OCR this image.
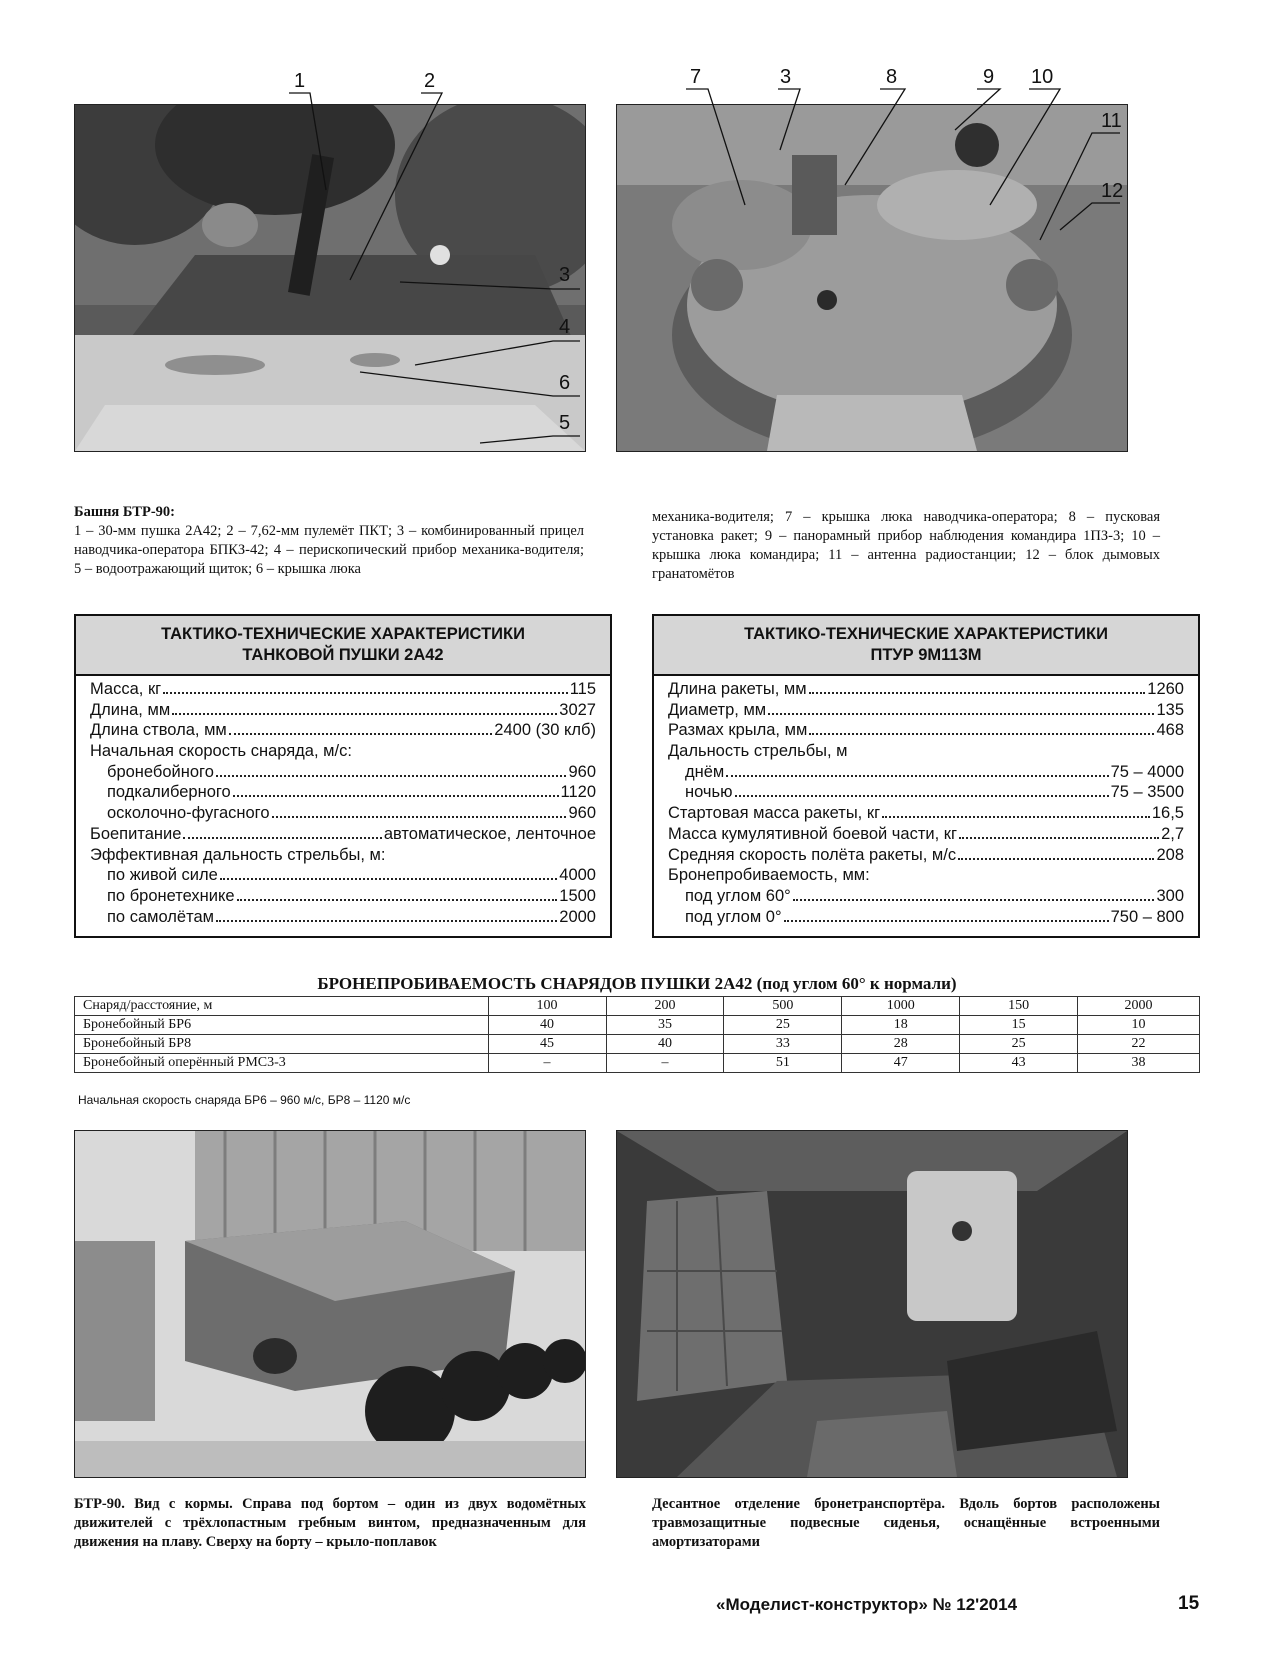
1	2
3
4
6
5
7	3	8	9 10
11
12
Башня БТР-90:
1 – 30-мм пушка 2А42; 2 – 7,62-мм пулемёт ПКТ; 3 – комбинированный прицел наводчика-оператора БПКЗ-42; 4 – перископический прибор механика-водителя; 5 – водоотражающий щиток; 6 – крышка люка
механика-водителя; 7 – крышка люка наводчика-оператора; 8 – пусковая установка ракет; 9 – панорамный прибор наблюдения командира 1ПЗ-3; 10 – крышка люка командира; 11 – антенна радиостанции; 12 – блок дымовых гранатомётов
ТАКТИКО-ТЕХНИЧЕСКИЕ ХАРАКТЕРИСТИКИ
ТАНКОВОЙ ПУШКИ 2А42
Масса, кг	115
Длина, мм	3027
Длина ствола, мм	2400 (30 клб)
Начальная скорость снаряда, м/с:
бронебойного	960
подкалиберного	1120
осколочно-фугасного	960
Боепитание	автоматическое, ленточное
Эффективная дальность стрельбы, м:
по живой силе	4000
по бронетехнике	1500
по самолётам	2000
ТАКТИКО-ТЕХНИЧЕСКИЕ ХАРАКТЕРИСТИКИ
ПТУР 9М113М
Длина ракеты, мм	1260
Диаметр, мм	135
Размах крыла, мм	468
Дальность стрельбы, м
днём	75 – 4000
ночью	75 – 3500
Стартовая масса ракеты, кг	16,5
Масса кумулятивной боевой части, кг	2,7
Средняя скорость полёта ракеты, м/с	208
Бронепробиваемость, мм:
под углом 60°	300
под углом 0°	750 – 800
БРОНЕПРОБИВАЕМОСТЬ СНАРЯДОВ ПУШКИ 2А42 (под углом 60° к нормали)
Снаряд/расстояние, м	100	200	500	1000	150	2000
Бронебойный БР6	40	35	25	18	15	10
Бронебойный БР8	45	40	33	28	25	22
Бронебойный оперённый РМС3-3	–	–	51	47	43	38
Начальная скорость снаряда БР6 – 960 м/с, БР8 – 1120 м/с
БТР-90. Вид с кормы. Справа под бортом – один из двух водомётных движителей с трёхлопастным гребным винтом, предназначенным для движения на плаву. Сверху на борту – крыло-поплавок
Десантное отделение бронетранспортёра. Вдоль бортов расположены травмозащитные подвесные сиденья, оснащённые встроенными амортизаторами
«Моделист-конструктор» № 12'2014	15
